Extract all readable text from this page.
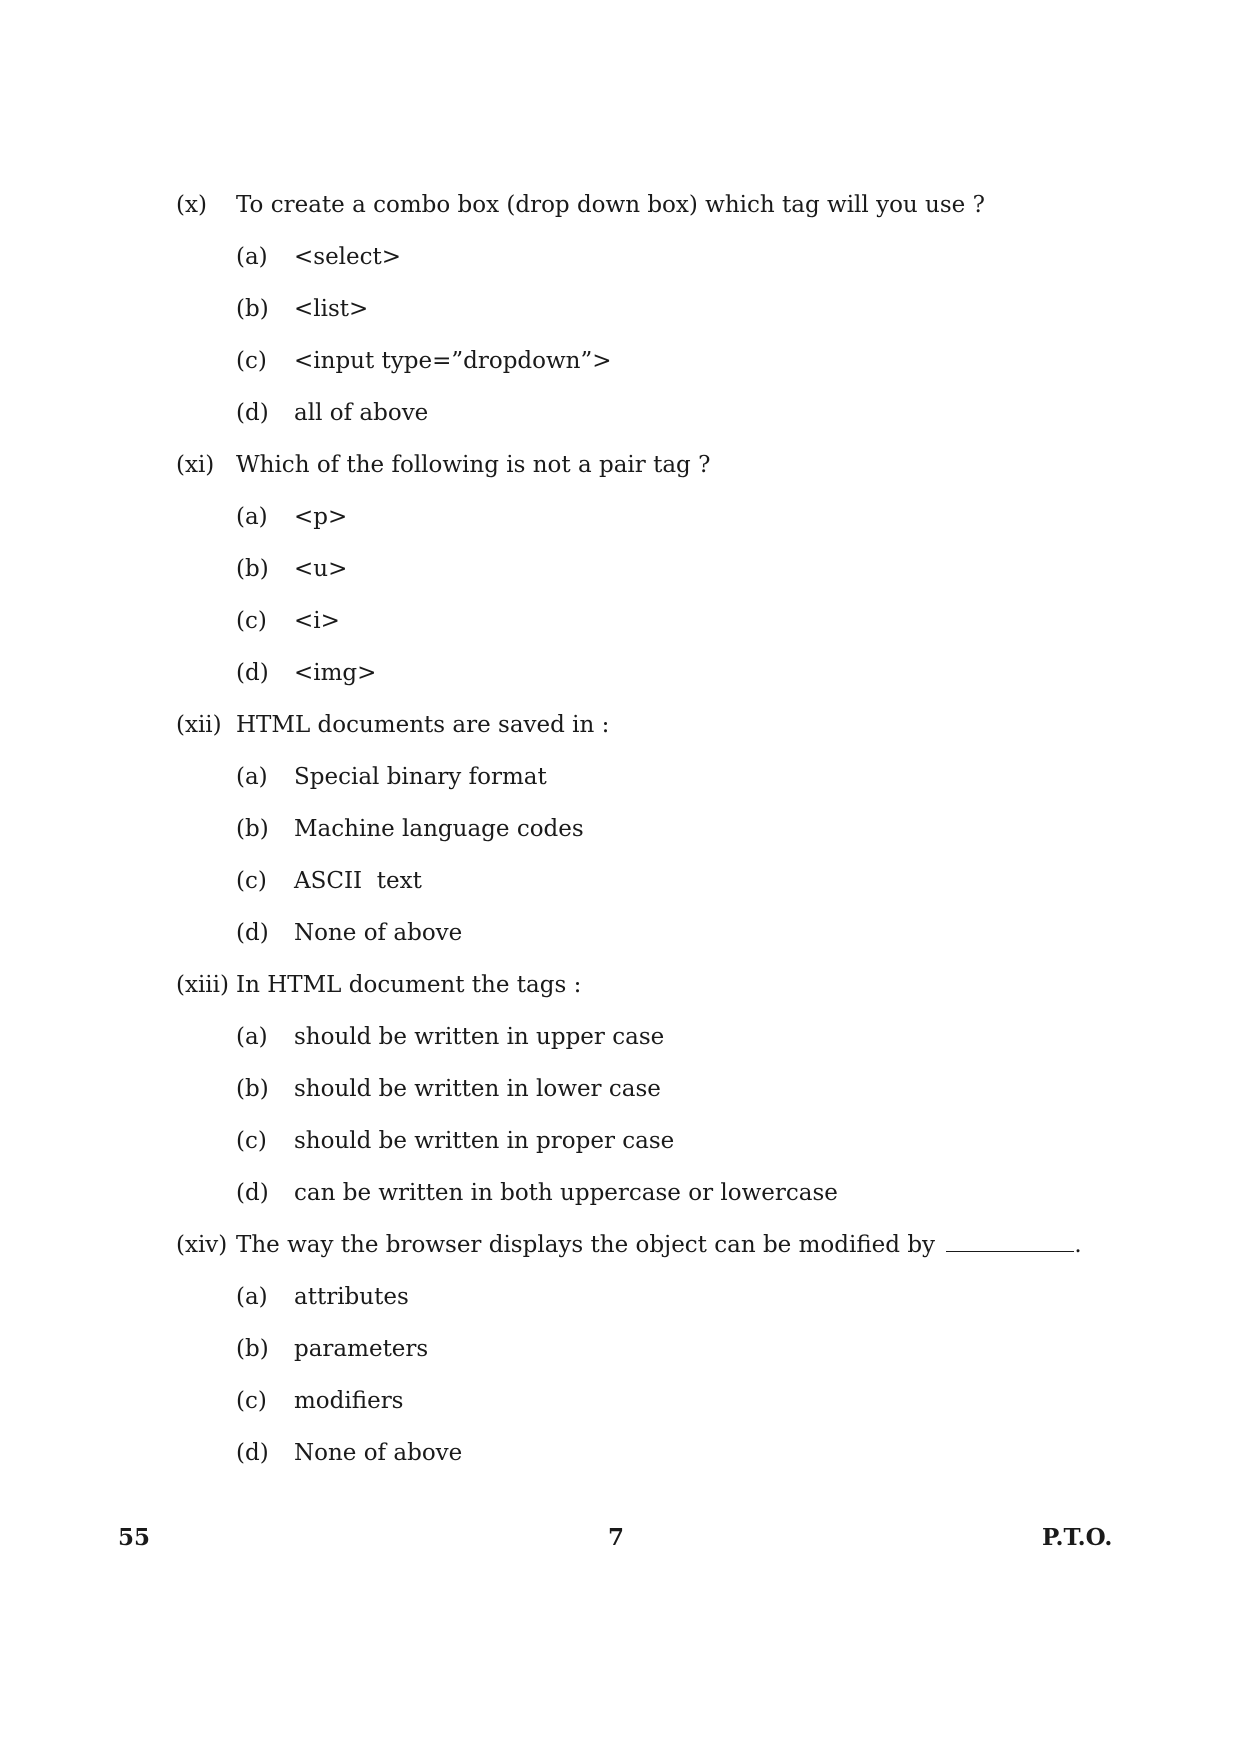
(x)	To create a combo box (drop down box) which tag will you use ?
(a)	<select>
(b)	<list>
(c)	<input type=”dropdown”>
(d)	all of above
(xi) Which of the following is not a pair tag ?
(a)	<p>
(b)	<u>
(c)	<i>
(d)	<img>
(xii) HTML documents are saved in :
(a)	Special binary format
(b)	Machine language codes
(c)	ASCII  text
(d)	None of above
(xiii) In HTML document the tags :
(a)	should be written in upper case
(b)	should be written in lower case
(c)	should be written in proper case
(d)	can be written in both uppercase or lowercase
(xiv) The way the browser displays the object can be modified by	.
(a)	attributes
(b)	parameters
(c)	modifiers
(d)	None of above
55	7	P.T.O.
